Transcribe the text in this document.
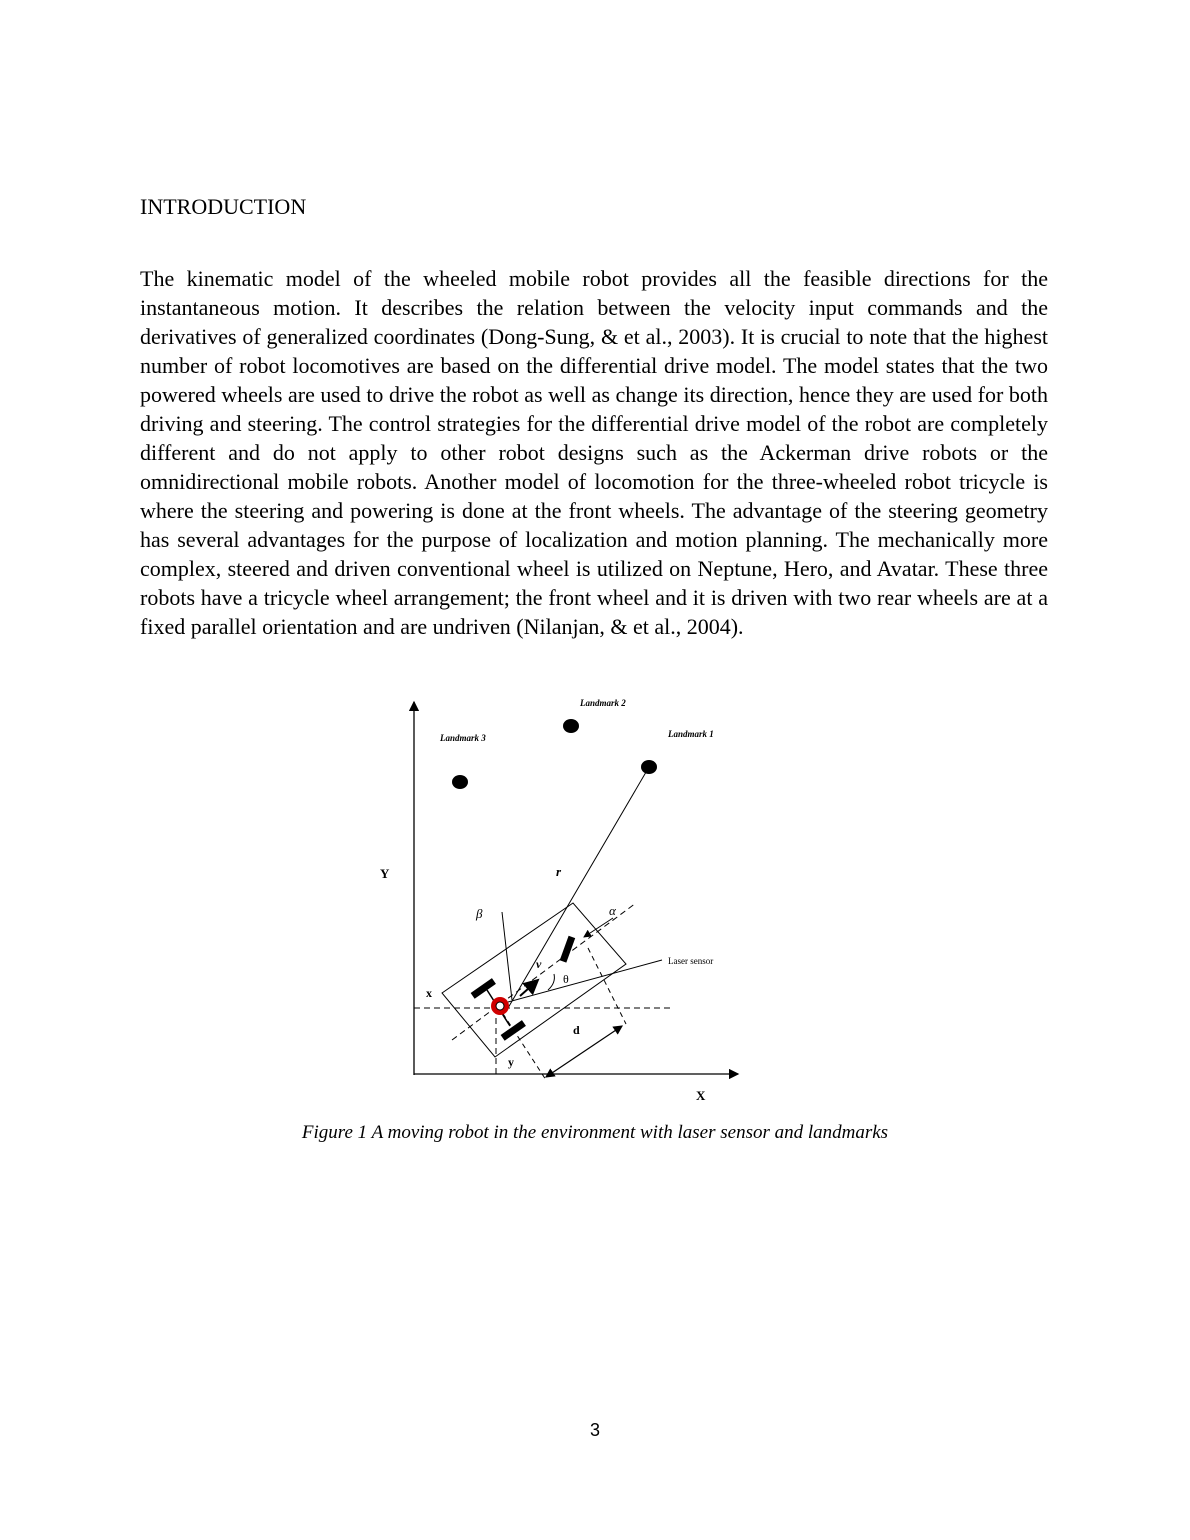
INTRODUCTION

The kinematic model of the wheeled mobile robot provides all the feasible directions for the instantaneous motion. It describes the relation between the velocity input commands and the derivatives of generalized coordinates (Dong-Sung, & et al., 2003). It is crucial to note that the highest number of robot locomotives are based on the differential drive model. The model states that the two powered wheels are used to drive the robot as well as change its direction, hence they are used for both driving and steering. The control strategies for the differential drive model of the robot are completely different and do not apply to other robot designs such as the Ackerman drive robots or the omnidirectional mobile robots. Another model of locomotion for the three-wheeled robot tricycle is where the steering and powering is done at the front wheels. The advantage of the steering geometry has several advantages for the purpose of localization and motion planning. The mechanically more complex, steered and driven conventional wheel is utilized on Neptune, Hero, and Avatar. These three robots have a tricycle wheel arrangement; the front wheel and it is driven with two rear wheels are at a fixed parallel orientation and are undriven (Nilanjan, & et al., 2004).

Y
X
Landmark 2
Landmark 1
Landmark 3
d
r
β	α
Laser sensor
θ
v
x
y
Figure 1 A moving robot in the environment with laser sensor and landmarks
3
